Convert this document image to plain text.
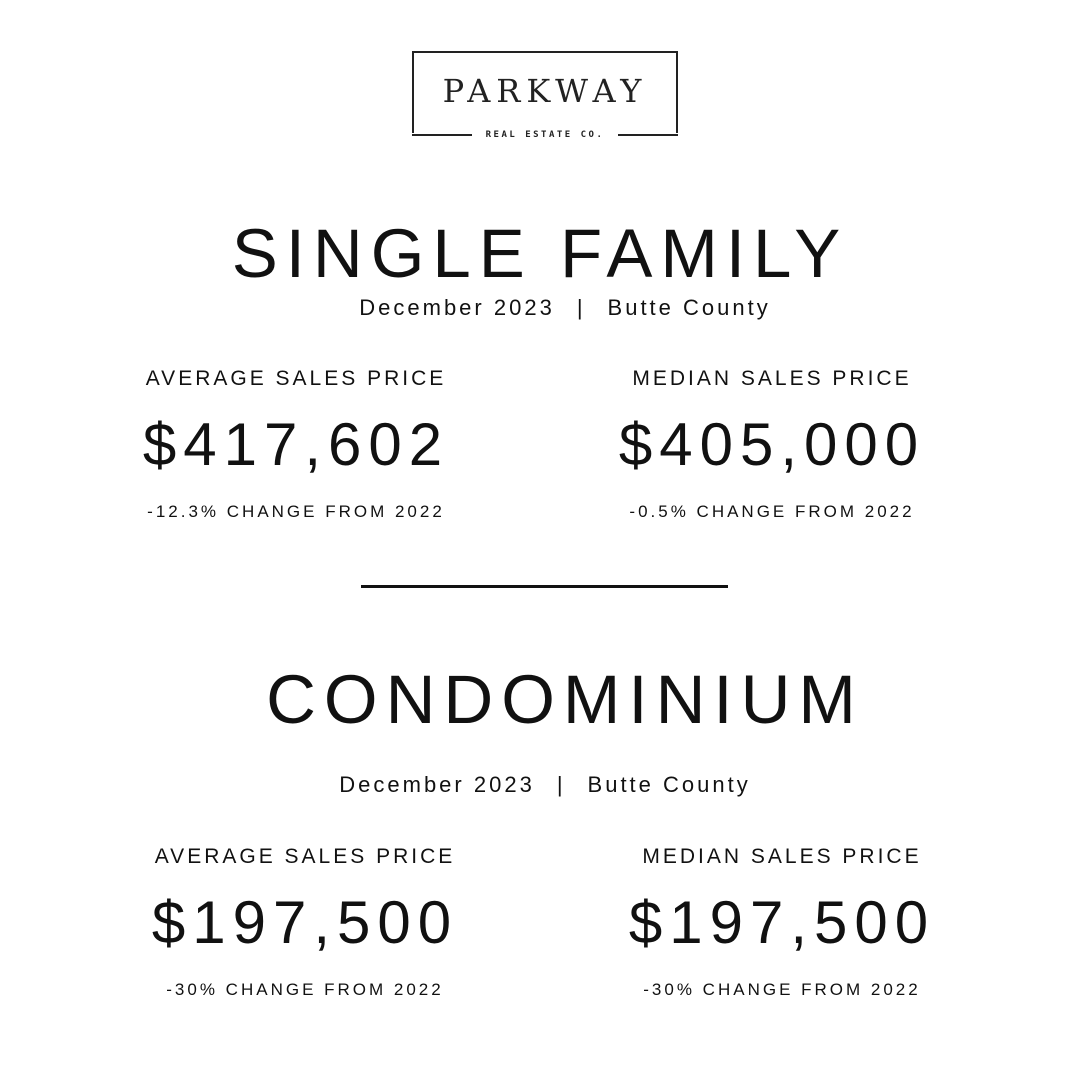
PARKWAY
REAL ESTATE CO.
SINGLE FAMILY
December 2023 | Butte County
AVERAGE SALES PRICE
$417,602
-12.3% CHANGE FROM 2022
MEDIAN SALES PRICE
$405,000
-0.5% CHANGE FROM 2022
CONDOMINIUM
December 2023 | Butte County
AVERAGE SALES PRICE
$197,500
-30% CHANGE FROM 2022
MEDIAN SALES PRICE
$197,500
-30% CHANGE FROM 2022
